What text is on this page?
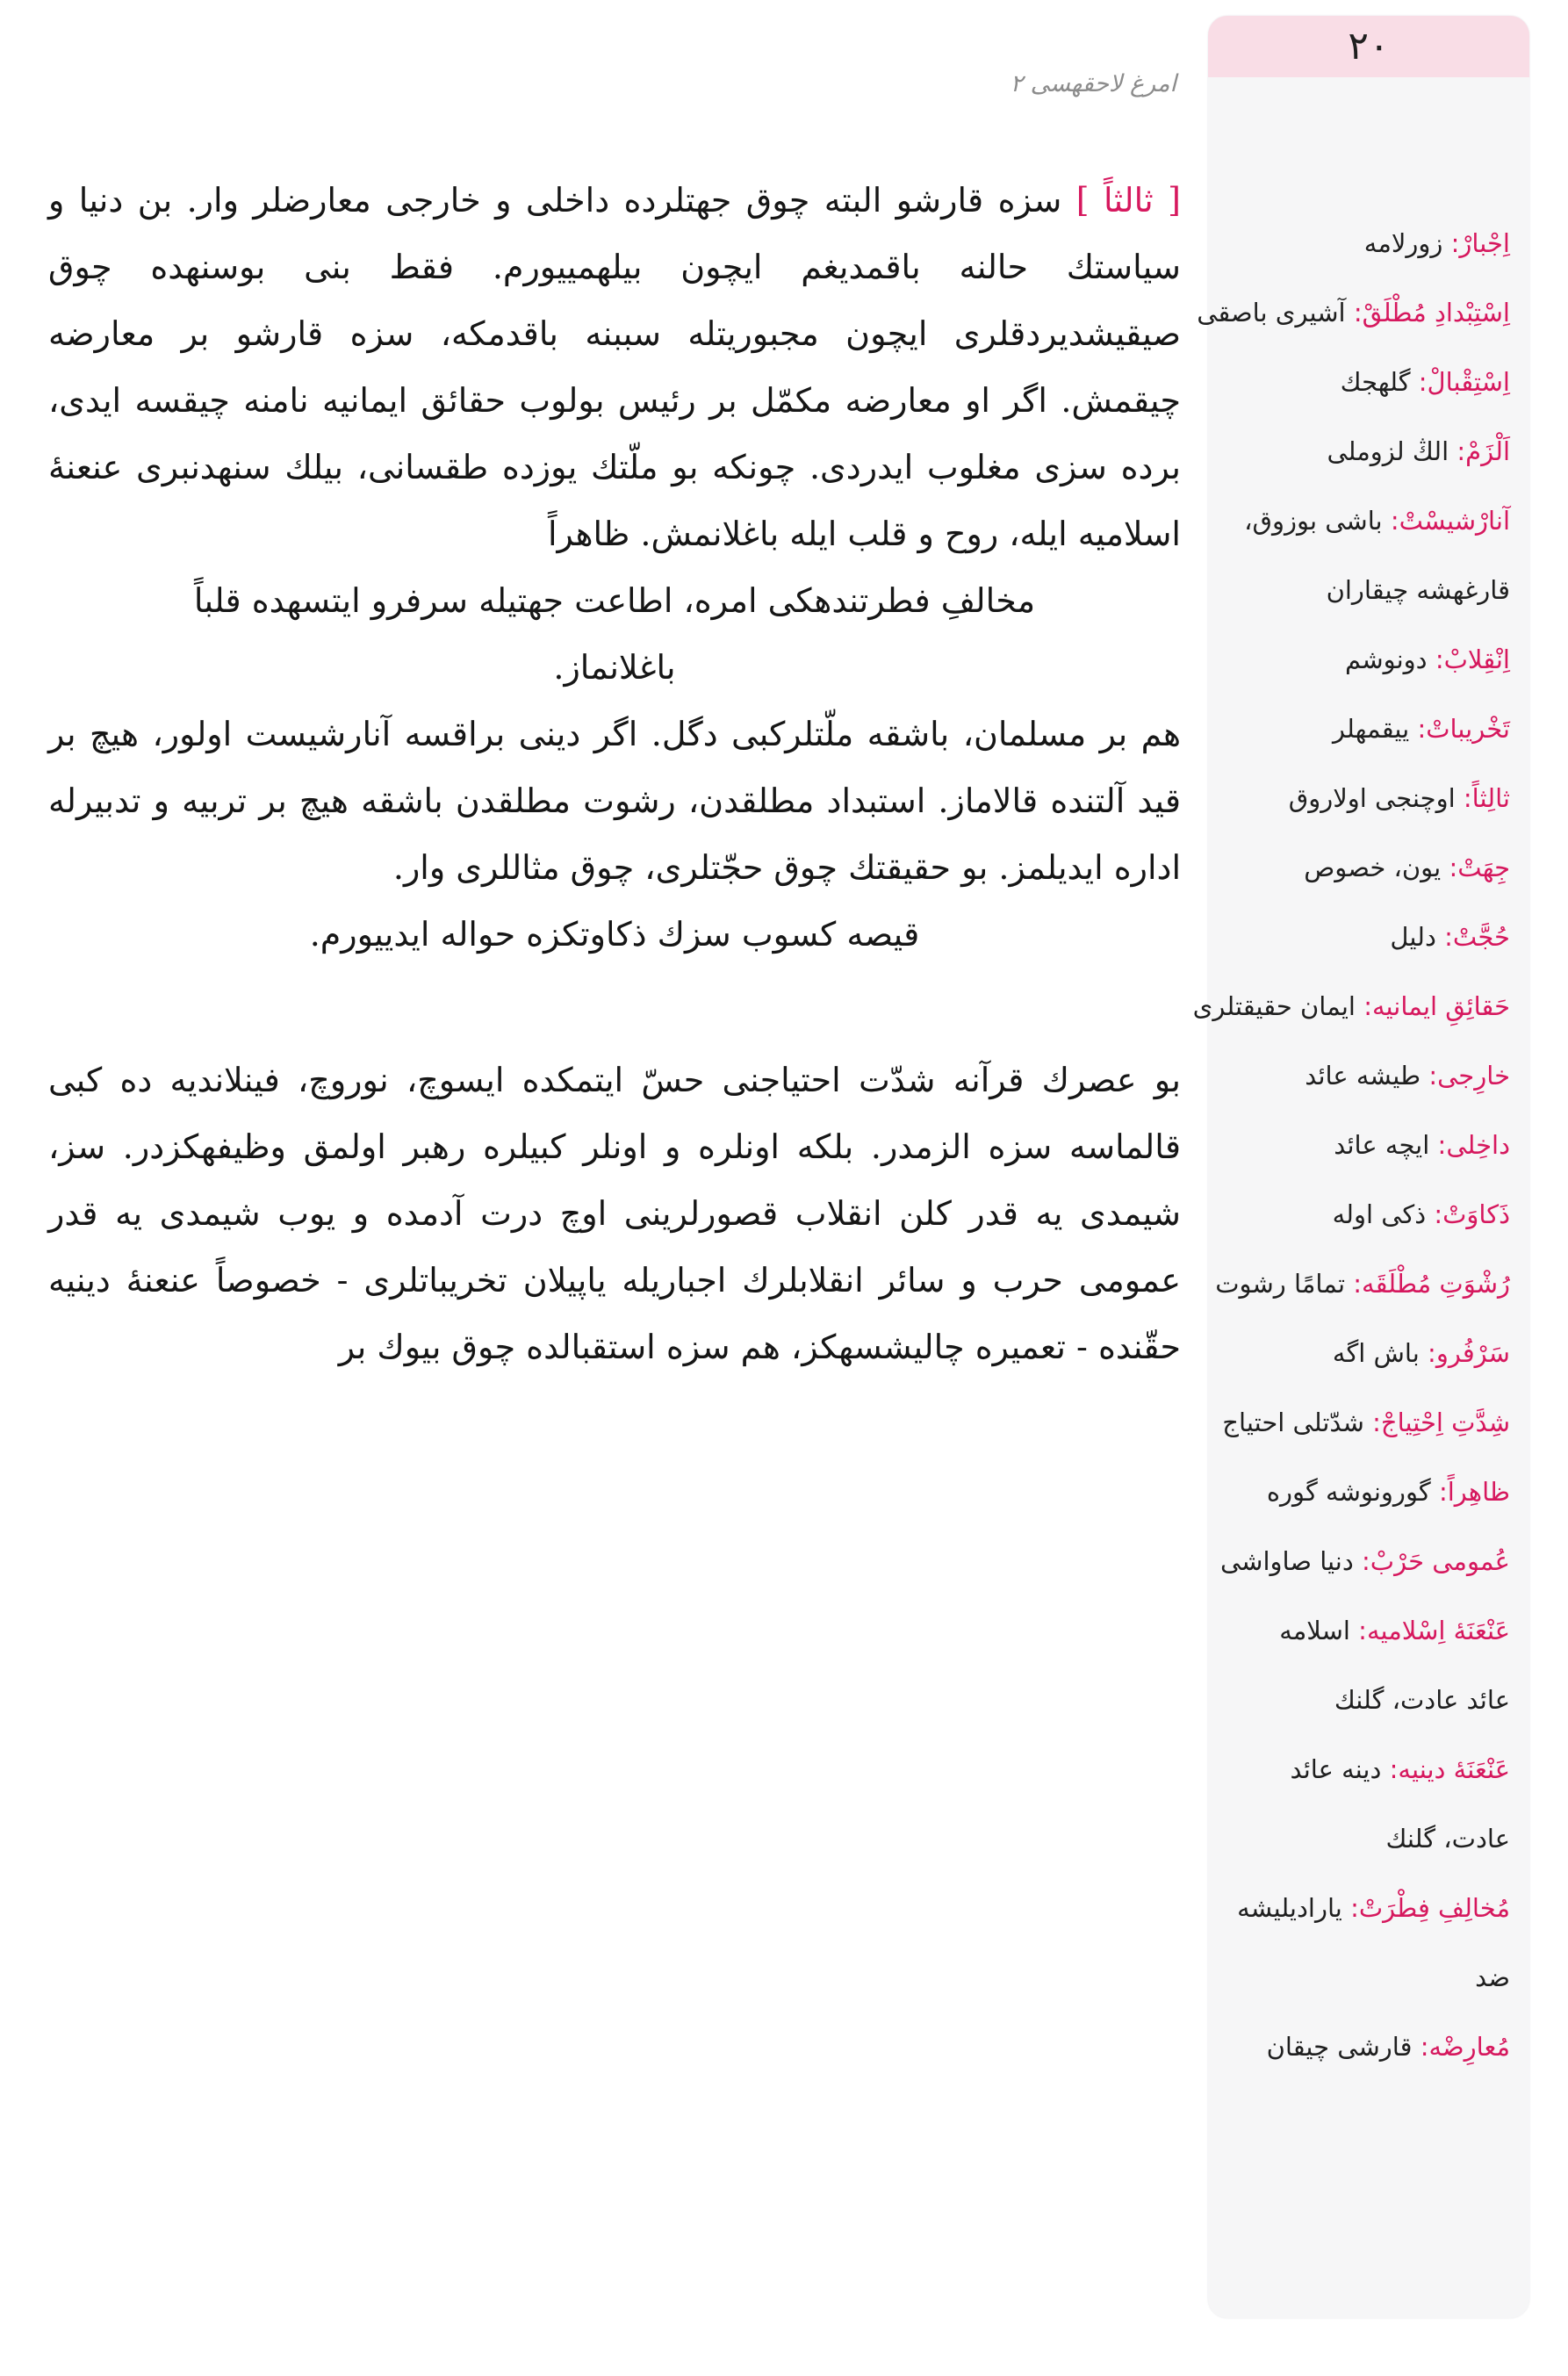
امرغ لاحقهسی ٢

[ ثالثاً ] سزه قارشو البته چوق جهتلرده داخلی و خارجی معارضلر وار. بن دنیا و سیاستك حالنه باقمدیغم ایچون بیلهمییورم. فقط بنی بوسنهده چوق صیقیشدیردقلری ایچون مجبوریتله سببنه باقدمکه، سزه قارشو بر معارضه چیقمش. اگر او معارضه مکمّل بر رئیس بولوب حقائق ایمانیه نامنه چیقسه ایدی، برده سزی مغلوب ایدردی. چونکه بو ملّتك یوزده طقسانی، بیلك سنهدنبری عنعنهٔ اسلامیه ایله، روح و قلب ایله باغلانمش. ظاهراً

مخالفِ فطرتندهکی امره، اطاعت جهتیله سرفرو ایتسهده قلباً

باغلانماز.

هم بر مسلمان، باشقه ملّتلرکبی دگل. اگر دینی براقسه آنارشیست اولور، هیچ بر قید آلتنده قالاماز. استبداد مطلقدن، رشوت مطلقدن باشقه هیچ بر تربیه و تدبیرله اداره ایدیلمز. بو حقیقتك چوق حجّتلری، چوق مثاللری وار.

قیصه کسوب سزك ذکاوتکزه حواله ایدییورم.

بو عصرك قرآنه شدّت احتیاجنی حسّ ایتمکده ایسوچ، نوروچ، فینلاندیه ده کبی قالماسه سزه الزمدر. بلکه اونلره و اونلر کبیلره رهبر اولمق وظیفهکزدر. سز، شیمدی یه قدر کلن انقلاب قصورلرینی اوچ درت آدمده و یوب شیمدی یه قدر عمومی حرب و سائر انقلابلرك اجباریله یاپیلان تخریباتلری - خصوصاً عنعنهٔ دینیه حقّنده - تعمیره چالیشسهکز، هم سزه استقبالده چوق بیوك بر

٢٠
اِجْبارْ: زورلامه
اِسْتِبْدادِ مُطْلَقْ: آشیری باصقی
اِسْتِقْبالْ: گلهجك
اَلْزَمْ: الڭ لزوملی
آنارْشیسْتْ: باشی بوزوق،
قارغهشه چیقاران
اِنْقِلابْ: دونوشم
تَخْریباتْ: ییقمهلر
ثالِثاً: اوچنجی اولاروق
جِهَتْ: یون، خصوص
حُجَّتْ: دلیل
حَقائِقِ ایمانیه: ایمان حقیقتلری
خارِجی: طیشه عائد
داخِلی: ایچه عائد
ذَکاوَتْ: ذکی اوله
رُشْوَتِ مُطْلَقَه: تمامًا رشوت
سَرْفُرو: باش اگه
شِدَّتِ اِحْتِیاجْ: شدّتلی احتیاج
ظاهِراً: گورونوشه گوره
عُمومی حَرْبْ: دنیا صاواشی
عَنْعَنَهٔ اِسْلامیه: اسلامه
عائد عادت، گلنك
عَنْعَنَهٔ دینیه: دینه عائد
عادت، گلنك
مُخالِفِ فِطْرَتْ: یارادیلیشه
ضد
مُعارِضْه: قارشی چیقان
